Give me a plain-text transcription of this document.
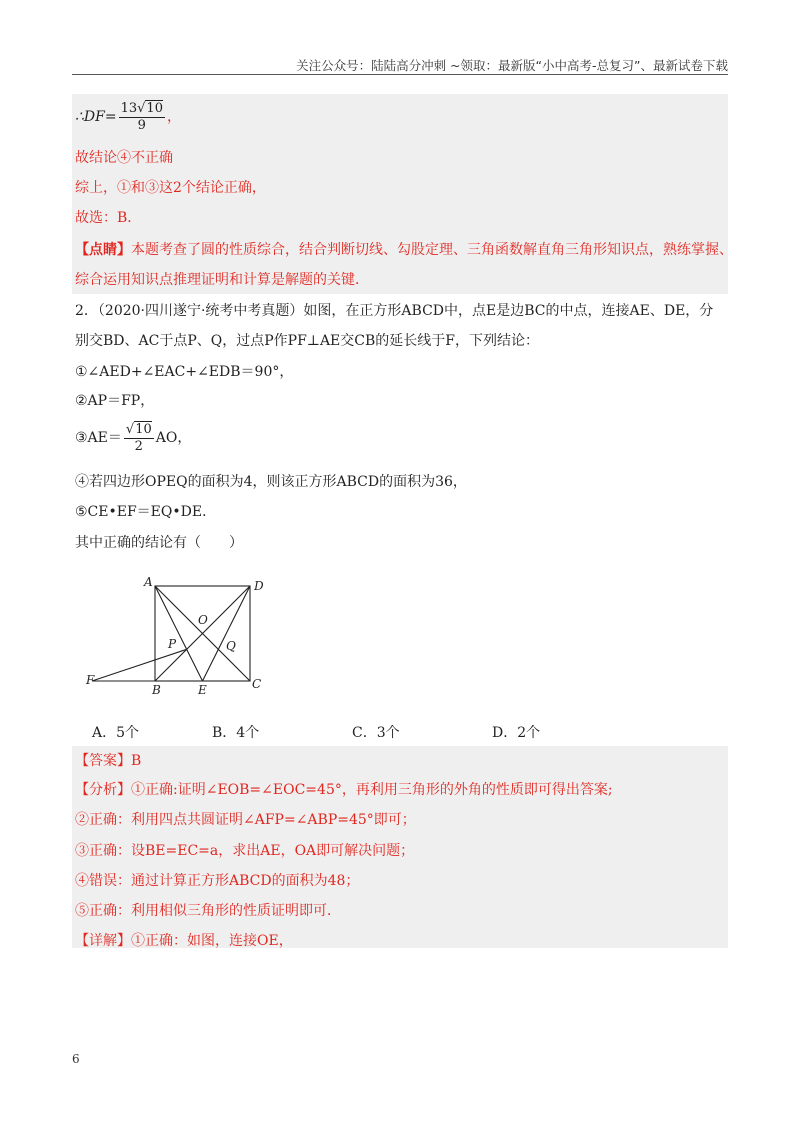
关注公众号：陆陆高分冲刺 ~领取：最新版“小中高考-总复习”、最新试卷下载
∴DF= $\frac{13√10}{9}$ ，
故结论④不正确
综上，①和③这2个结论正确，
故选：B．
【点睛】本题考查了圆的性质综合，结合判断切线、勾股定理、三角函数解直角三角形知识点，熟练掌握、
综合运用知识点推理证明和计算是解题的关键．
2．（2020·四川遂宁·统考中考真题）如图，在正方形ABCD中，点E是边BC的中点，连接AE、DE，分
别交BD、AC于点P、Q，过点P作PF⊥AE交CB的延长线于F，下列结论：
①∠AED+∠EAC+∠EDB＝90°，
②AP＝FP，
③AE＝ $\frac{√10}{2}$ AO，
④若四边形OPEQ的面积为4，则该正方形ABCD的面积为36，
⑤CE•EF＝EQ•DE．
其中正确的结论有（　　）
A	D
O
P	Q
F
B	E	C
A．5个	B．4个	C．3个	D．2个
【答案】B
【分析】①正确:证明∠EOB=∠EOC=45°，再利用三角形的外角的性质即可得出答案;
②正确：利用四点共圆证明∠AFP=∠ABP=45°即可；
③正确：设BE=EC=a，求出AE，OA即可解决问题；
④错误：通过计算正方形ABCD的面积为48；
⑤正确：利用相似三角形的性质证明即可．
【详解】①正确：如图，连接OE，
6
